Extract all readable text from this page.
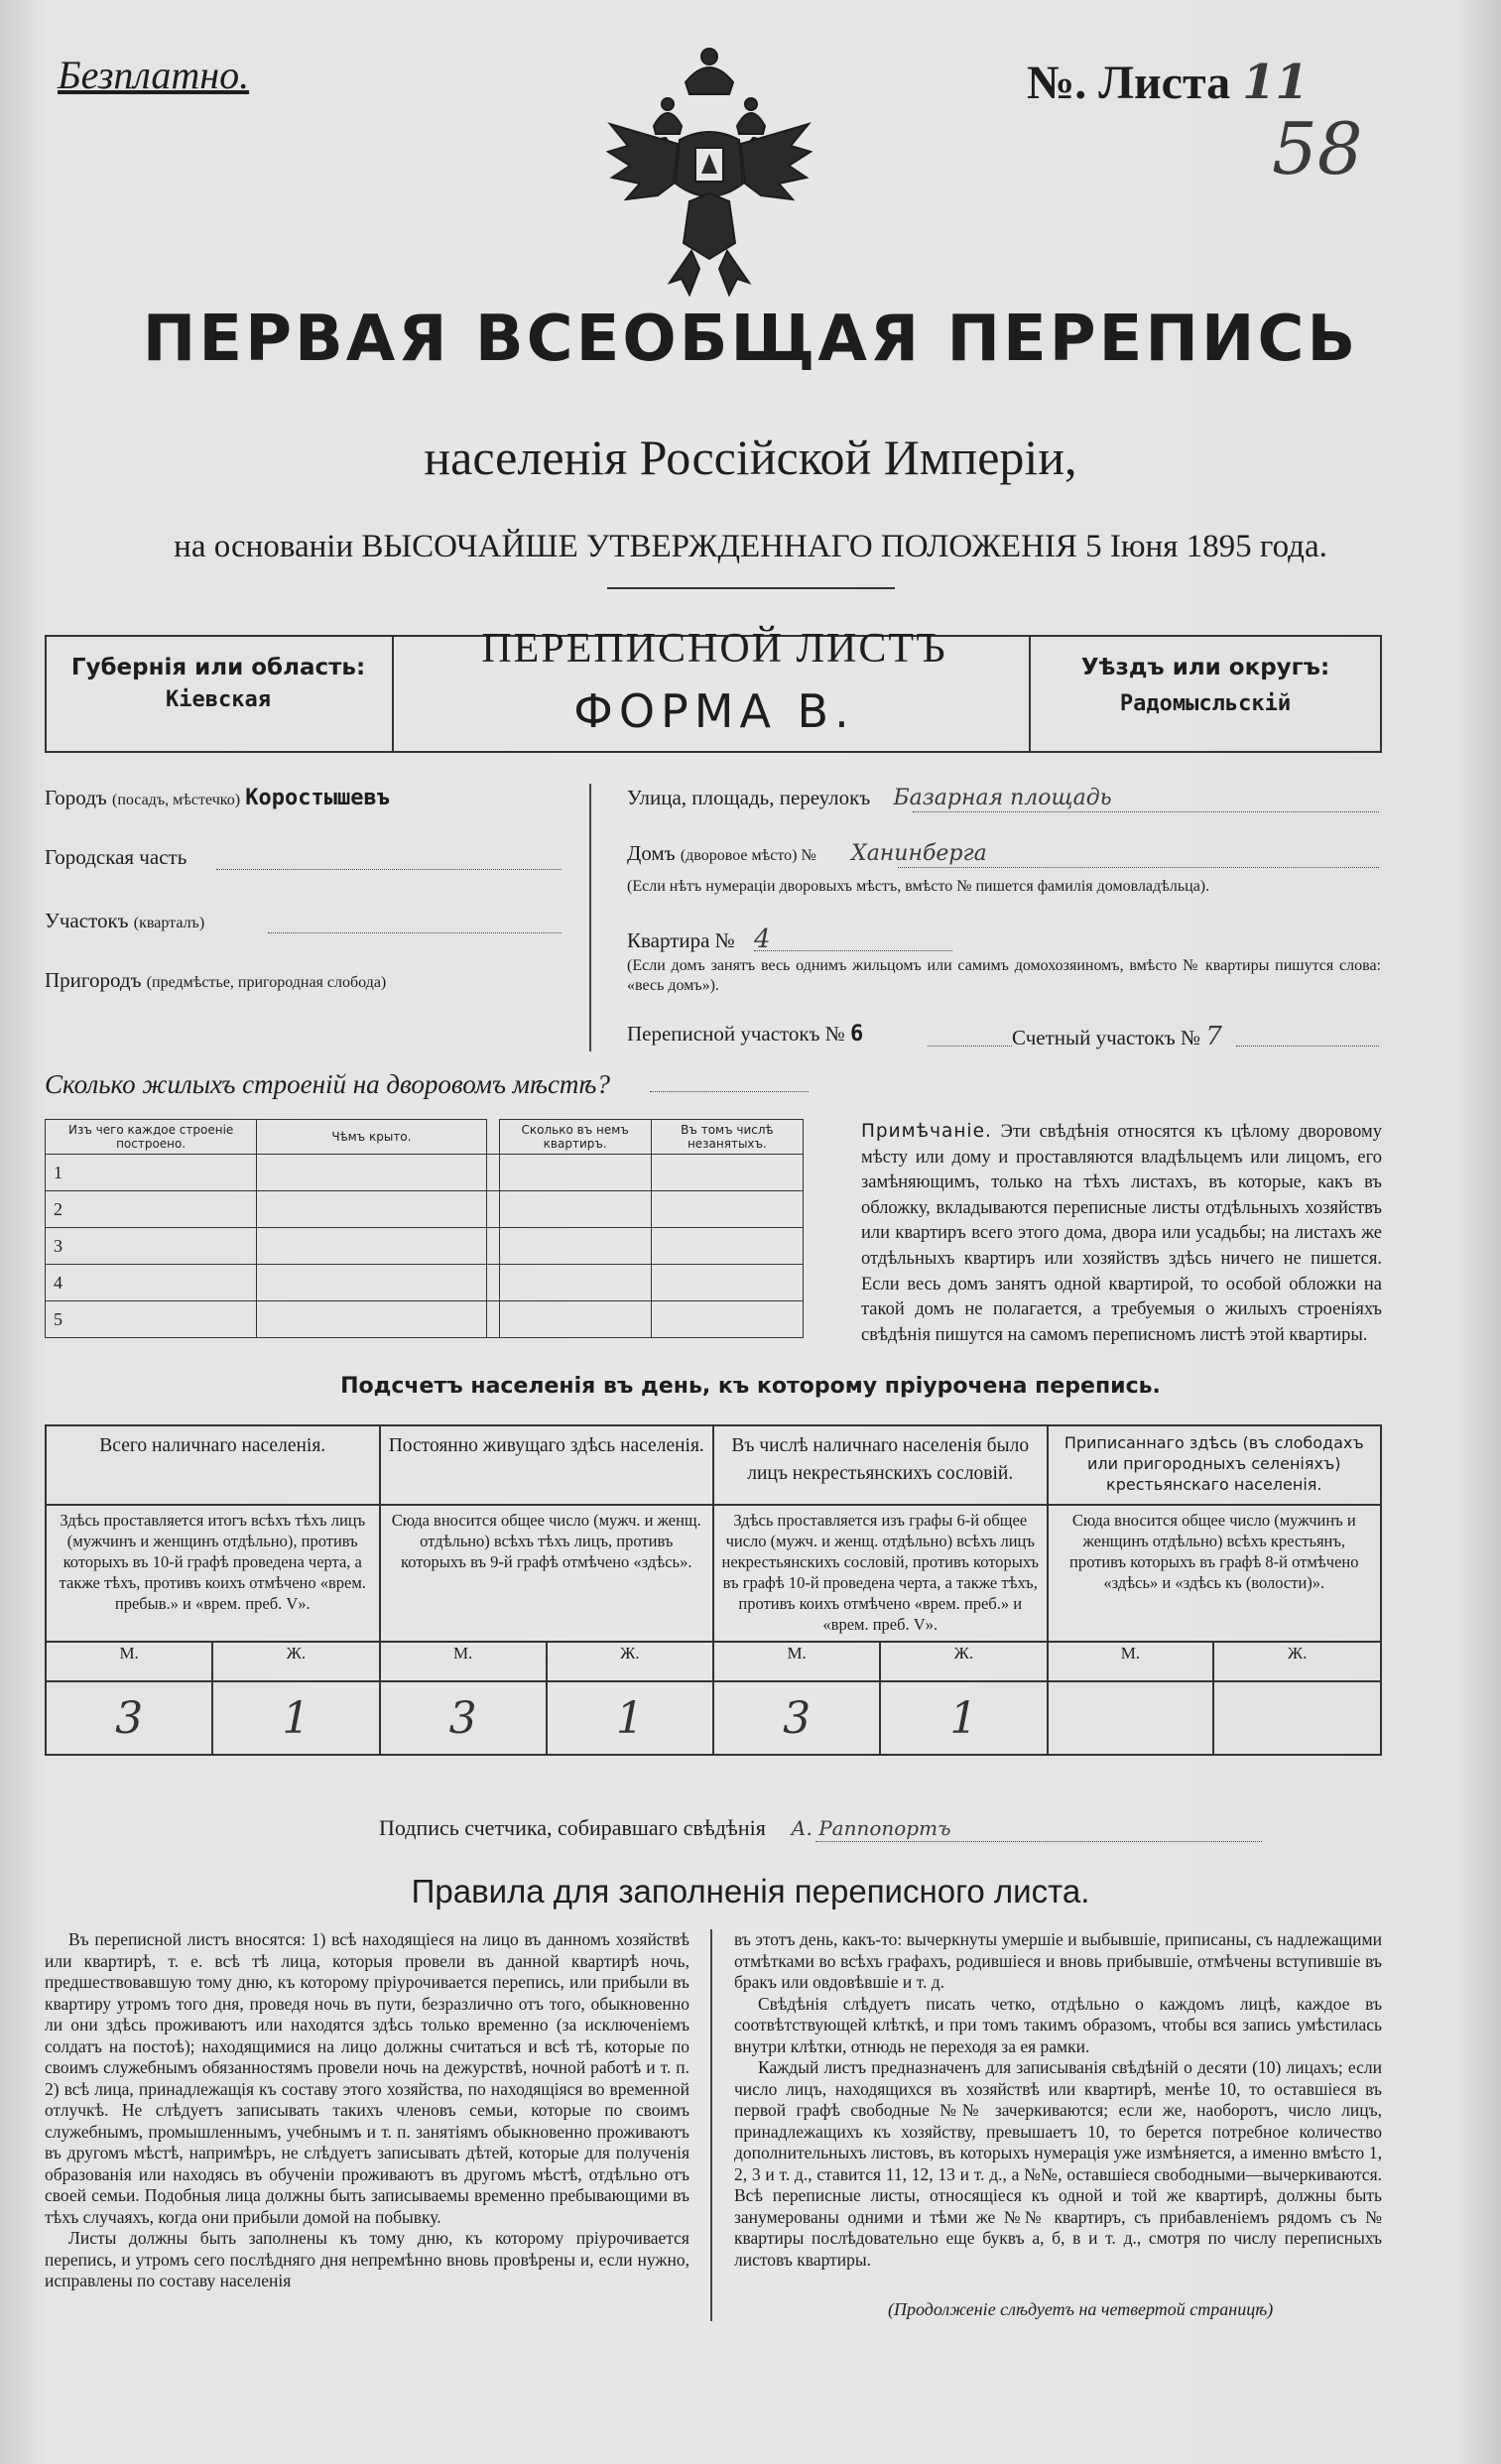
Безплатно.	№. Листа 11
58
ПЕРВАЯ ВСЕОБЩАЯ ПЕРЕПИСЬ
населенія Россійской Имперіи,
на основаніи ВЫСОЧАЙШЕ УТВЕРЖДЕННАГО ПОЛОЖЕНІЯ 5 Іюня 1895 года.
Губернія или область:
Кіевская
ПЕРЕПИСНОЙ ЛИСТЪ
ФОРМА В.
Уѣздъ или округъ:
Радомысльскій
Городъ (посадъ, мѣстечко) Коростышевъ
Городская часть
Участокъ (кварталъ)
Пригородъ (предмѣстье, пригородная слобода)
Улица, площадь, переулокъ Базарная площадь
Домъ (дворовое мѣсто) № Ханинберга
(Если нѣтъ нумераціи дворовыхъ мѣстъ, вмѣсто № пишется фамилія домовладѣльца).
Квартира № 4
(Если домъ занятъ весь однимъ жильцомъ или самимъ домохозяиномъ, вмѣсто № квартиры пишутся слова: «весь домъ»).
Переписной участокъ № 6	Счетный участокъ № 7
Сколько жилыхъ строеній на дворовомъ мѣстѣ?
Изъ чего каждое строеніе построено.	Чѣмъ крыто.		Сколько въ немъ квартиръ.	Въ томъ числѣ незанятыхъ.
1				
2				
3				
4				
5				
Примѣчаніе. Эти свѣдѣнія относятся къ цѣлому дворовому мѣсту или дому и проставляются владѣльцемъ или лицомъ, его замѣняющимъ, только на тѣхъ листахъ, въ которые, какъ въ обложку, вкладываются переписные листы отдѣльныхъ хозяйствъ или квартиръ всего этого дома, двора или усадьбы; на листахъ же отдѣльныхъ квартиръ или хозяйствъ здѣсь ничего не пишется. Если весь домъ занятъ одной квартирой, то особой обложки на такой домъ не полагается, а требуемыя о жилыхъ строеніяхъ свѣдѣнія пишутся на самомъ переписномъ листѣ этой квартиры.
Подсчетъ населенія въ день, къ которому пріурочена перепись.
Всего наличнаго населенія.		Постоянно живущаго здѣсь населенія.		Въ числѣ наличнаго населенія было лицъ некрестьянскихъ сословій.		Приписаннаго здѣсь (въ слободахъ или пригородныхъ селеніяхъ) крестьянскаго населенія.	
Здѣсь проставляется итогъ всѣхъ тѣхъ лицъ (мужчинъ и женщинъ отдѣльно), противъ которыхъ въ 10-й графѣ проведена черта, а также тѣхъ, противъ коихъ отмѣчено «врем. пребыв.» и «врем. преб. V».		Сюда вносится общее число (мужч. и женщ. отдѣльно) всѣхъ тѣхъ лицъ, противъ которыхъ въ 9-й графѣ отмѣчено «здѣсь».		Здѣсь проставляется изъ графы 6-й общее число (мужч. и женщ. отдѣльно) всѣхъ лицъ некрестьянскихъ сословій, противъ которыхъ въ графѣ 10-й проведена черта, а также тѣхъ, противъ коихъ отмѣчено «врем. преб.» и «врем. преб. V».		Сюда вносится общее число (мужчинъ и женщинъ отдѣльно) всѣхъ крестьянъ, противъ которыхъ въ графѣ 8-й отмѣчено «здѣсь» и «здѣсь къ (волости)».	
М.	Ж.	М.	Ж.	М.	Ж.	М.	Ж.
3	1	3	1	3	1		
Подпись счетчика, собиравшаго свѣдѣнія А. Раппопортъ
Правила для заполненія переписного листа.

Въ переписной листъ вносятся: 1) всѣ находящіеся на лицо въ данномъ хозяйствѣ или квартирѣ, т. е. всѣ тѣ лица, которыя провели въ данной квартирѣ ночь, предшествовавшую тому дню, къ которому пріурочивается перепись, или прибыли въ квартиру утромъ того дня, проведя ночь въ пути, безразлично отъ того, обыкновенно ли они здѣсь проживаютъ или находятся здѣсь только временно (за исключеніемъ солдатъ на постоѣ); находящимися на лицо должны считаться и всѣ тѣ, которые по своимъ служебнымъ обязанностямъ провели ночь на дежурствѣ, ночной работѣ и т. п. 2) всѣ лица, принадлежащія къ составу этого хозяйства, по находящіяся во временной отлучкѣ. Не слѣдуетъ записывать такихъ членовъ семьи, которые по своимъ служебнымъ, промышленнымъ, учебнымъ и т. п. занятіямъ обыкновенно проживаютъ въ другомъ мѣстѣ, напримѣръ, не слѣдуетъ записывать дѣтей, которые для полученія образованія или находясь въ обученіи проживаютъ въ другомъ мѣстѣ, отдѣльно отъ своей семьи. Подобныя лица должны быть записываемы временно пребывающими въ тѣхъ случаяхъ, когда они прибыли домой на побывку.

Листы должны быть заполнены къ тому дню, къ которому пріурочивается перепись, и утромъ сего послѣдняго дня непремѣнно вновь провѣрены и, если нужно, исправлены по составу населенія

въ этотъ день, какъ-то: вычеркнуты умершіе и выбывшіе, приписаны, съ надлежащими отмѣтками во всѣхъ графахъ, родившіеся и вновь прибывшіе, отмѣчены вступившіе въ бракъ или овдовѣвшіе и т. д.

Свѣдѣнія слѣдуетъ писать четко, отдѣльно о каждомъ лицѣ, каждое въ соотвѣтствующей клѣткѣ, и при томъ такимъ образомъ, чтобы вся запись умѣстилась внутри клѣтки, отнюдь не переходя за ея рамки.

Каждый листъ предназначенъ для записыванія свѣдѣній о десяти (10) лицахъ; если число лицъ, находящихся въ хозяйствѣ или квартирѣ, менѣе 10, то оставшіеся въ первой графѣ свободные №№ зачеркиваются; если же, наоборотъ, число лицъ, принадлежащихъ къ хозяйству, превышаетъ 10, то берется потребное количество дополнительныхъ листовъ, въ которыхъ нумерація уже измѣняется, а именно вмѣсто 1, 2, 3 и т. д., ставится 11, 12, 13 и т. д., а №№, оставшіеся свободными—вычеркиваются. Всѣ переписные листы, относящіеся къ одной и той же квартирѣ, должны быть занумерованы одними и тѣми же №№ квартиръ, съ прибавленіемъ рядомъ съ № квартиры послѣдовательно еще буквъ а, б, в и т. д., смотря по числу переписныхъ листовъ квартиры.

(Продолженіе слѣдуетъ на четвертой страницѣ)
